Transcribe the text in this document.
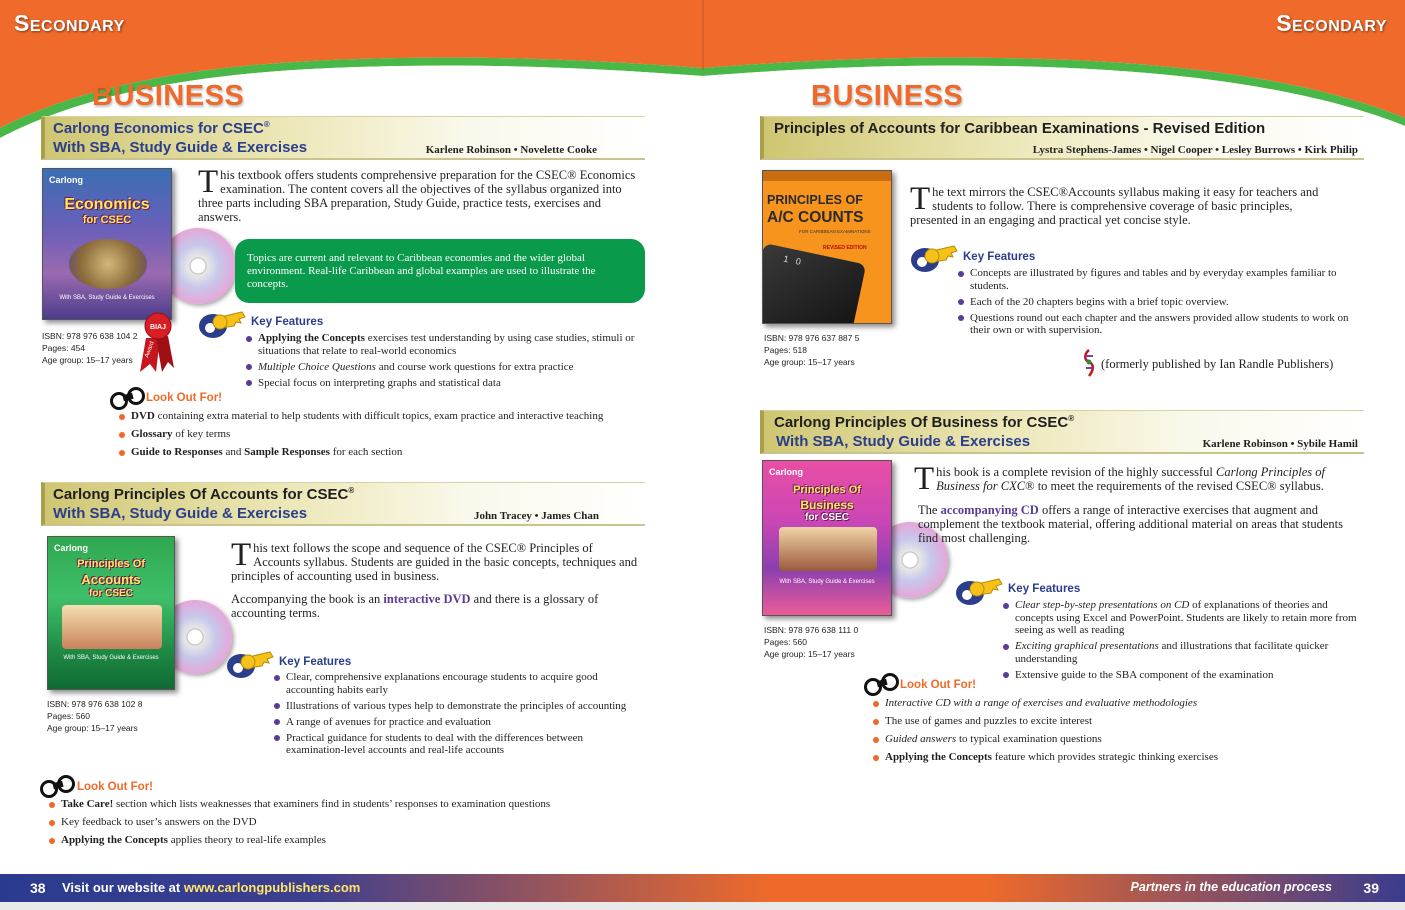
Secondary	Secondary
BUSINESS	BUSINESS
Carlong Economics for CSEC®
With SBA, Study Guide & Exercises	Karlene Robinson • Novelette Cooke
Carlong
Economics
for CSEC
With SBA, Study Guide & Exercises
BIAJ
Award
ISBN: 978 976 638 104 2
Pages: 454
Age group: 15–17 years
This textbook offers students comprehensive preparation for the CSEC® Economics examination. The content covers all the objectives of the syllabus organized into three parts including SBA preparation, Study Guide, practice tests, exercises and answers.
Topics are current and relevant to Caribbean economies and the wider global environment. Real-life Caribbean and global examples are used to illustrate the concepts.
Key Features
Applying the Concepts exercises test understanding by using case studies, stimuli or situations that relate to real-world economics
Multiple Choice Questions and course work questions for extra practice
Special focus on interpreting graphs and statistical data
Look Out For!
DVD containing extra material to help students with difficult topics, exam practice and interactive teaching
Glossary of key terms
Guide to Responses and Sample Responses for each section
Carlong Principles Of Accounts for CSEC®
With SBA, Study Guide & Exercises	John Tracey • James Chan
Carlong
Principles Of
Accounts
for CSEC
With SBA, Study Guide & Exercises
ISBN: 978 976 638 102 8
Pages: 560
Age group: 15–17 years
This text follows the scope and sequence of the CSEC® Principles of Accounts syllabus. Students are guided in the basic concepts, techniques and principles of accounting used in business.
Accompanying the book is an interactive DVD and there is a glossary of accounting terms.
Key Features
Clear, comprehensive explanations encourage students to acquire good accounting habits early
Illustrations of various types help to demonstrate the principles of accounting
A range of avenues for practice and evaluation
Practical guidance for students to deal with the differences between examination-level accounts and real-life accounts
Look Out For!
Take Care! section which lists weaknesses that examiners find in students’ responses to examination questions
Key feedback to user’s answers on the DVD
Applying the Concepts applies theory to real-life examples
Principles of Accounts for Caribbean Examinations - Revised Edition
Lystra Stephens-James • Nigel Cooper • Lesley Burrows • Kirk Philip
PRINCIPLES OF
A/C COUNTS
FOR CARIBBEAN EXAMINATIONS
REVISED EDITION
1   0
ISBN: 978 976 637 887 5
Pages: 518
Age group: 15–17 years
The text mirrors the CSEC®Accounts syllabus making it easy for teachers and students to follow. There is comprehensive coverage of basic principles, presented in an engaging and practical yet concise style.
Key Features
Concepts are illustrated by figures and tables and by everyday examples familiar to students.
Each of the 20 chapters begins with a brief topic overview.
Questions round out each chapter and the answers provided allow students to work on their own or with supervision.
(formerly published by Ian Randle Publishers)
Carlong Principles Of Business for CSEC®
With SBA, Study Guide & Exercises	Karlene Robinson • Sybile Hamil
Carlong
Principles Of
Business
for CSEC
With SBA, Study Guide & Exercises
ISBN: 978 976 638 111 0
Pages: 560
Age group: 15–17 years
This book is a complete revision of the highly successful Carlong Principles of Business for CXC® to meet the requirements of the revised CSEC® syllabus.
The accompanying CD offers a range of interactive exercises that augment and complement the textbook material, offering additional material on areas that students find most challenging.
Key Features
Clear step-by-step presentations on CD of explanations of theories and concepts using Excel and PowerPoint. Students are likely to retain more from seeing as well as reading
Exciting graphical presentations and illustrations that facilitate quicker understanding
Extensive guide to the SBA component of the examination
Look Out For!
Interactive CD with a range of exercises and evaluative methodologies
The use of games and puzzles to excite interest
Guided answers to typical examination questions
Applying the Concepts feature which provides strategic thinking exercises
38 Visit our website at www.carlongpublishers.com	Partners in the education process 39
